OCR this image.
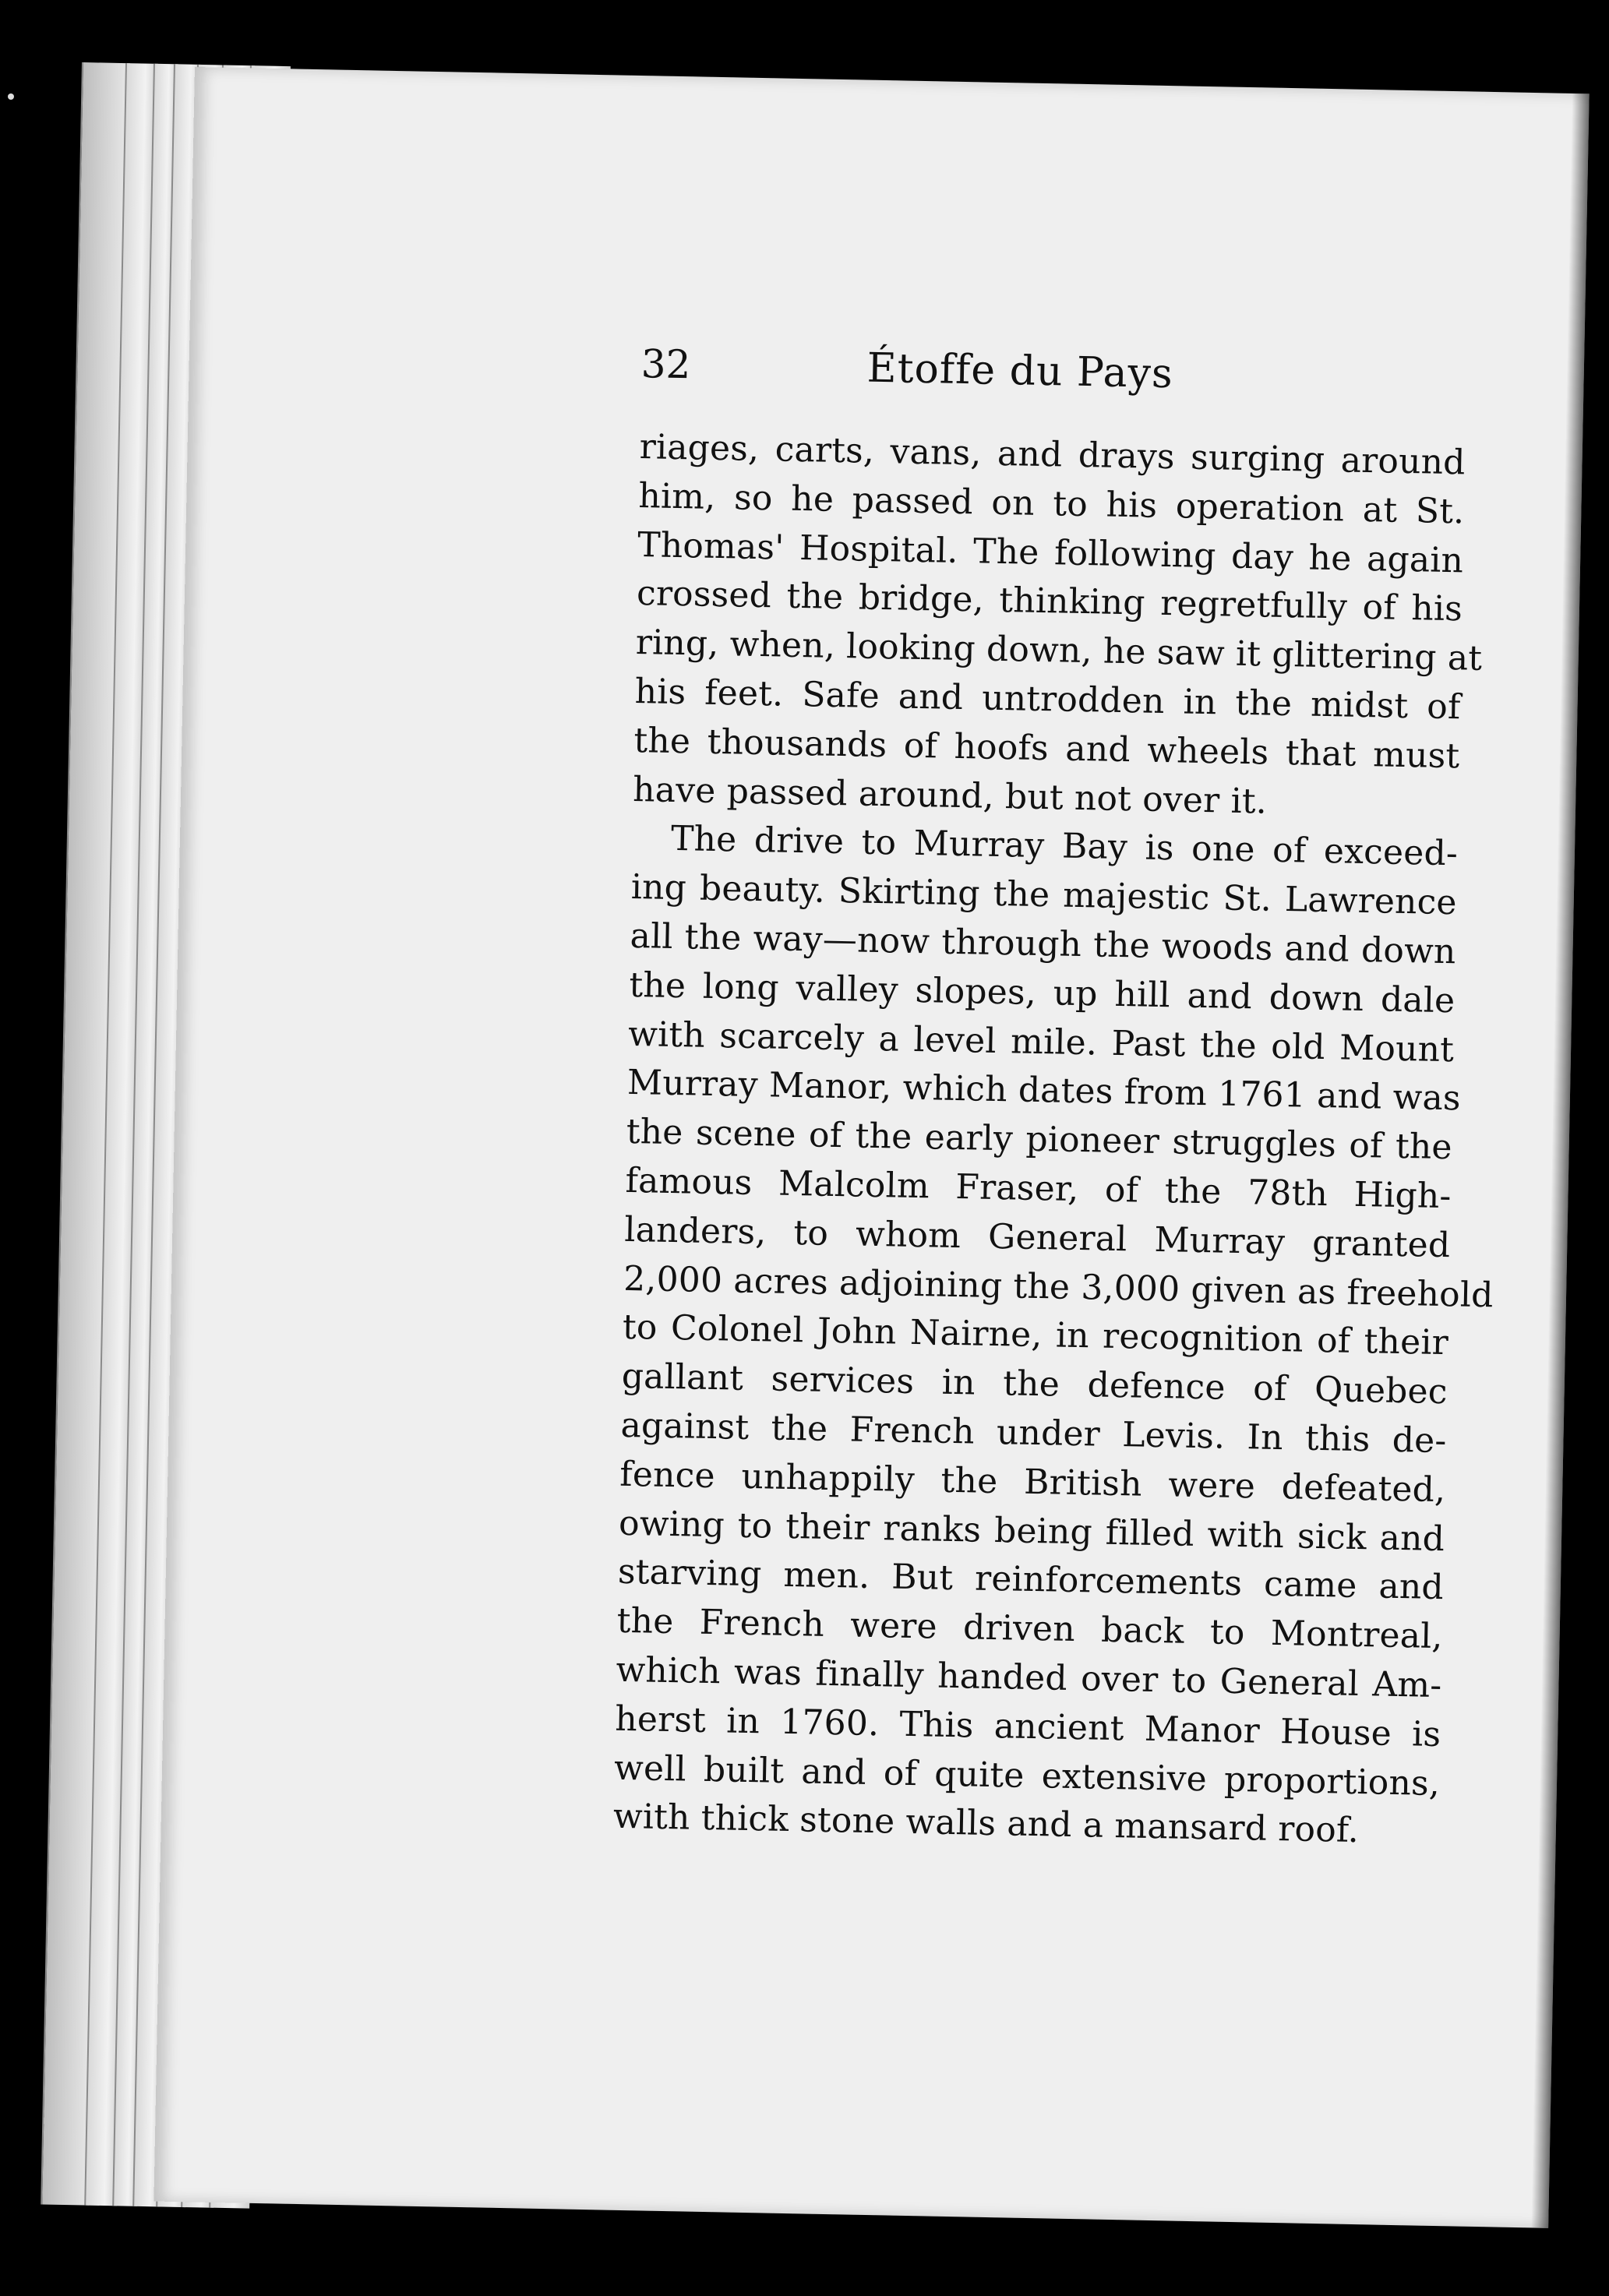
32	Étoffe du Pays
riages, carts, vans, and drays surging around
him, so he passed on to his operation at St.
Thomas' Hospital. The following day he again
crossed the bridge, thinking regretfully of his
ring, when, looking down, he saw it glittering at
his feet. Safe and untrodden in the midst of
the thousands of hoofs and wheels that must
have passed around, but not over it.
The drive to Murray Bay is one of exceed-
ing beauty. Skirting the majestic St. Lawrence
all the way—now through the woods and down
the long valley slopes, up hill and down dale
with scarcely a level mile. Past the old Mount
Murray Manor, which dates from 1761 and was
the scene of the early pioneer struggles of the
famous Malcolm Fraser, of the 78th High-
landers, to whom General Murray granted
2,000 acres adjoining the 3,000 given as freehold
to Colonel John Nairne, in recognition of their
gallant services in the defence of Quebec
against the French under Levis. In this de-
fence unhappily the British were defeated,
owing to their ranks being filled with sick and
starving men. But reinforcements came and
the French were driven back to Montreal,
which was finally handed over to General Am-
herst in 1760. This ancient Manor House is
well built and of quite extensive proportions,
with thick stone walls and a mansard roof.
